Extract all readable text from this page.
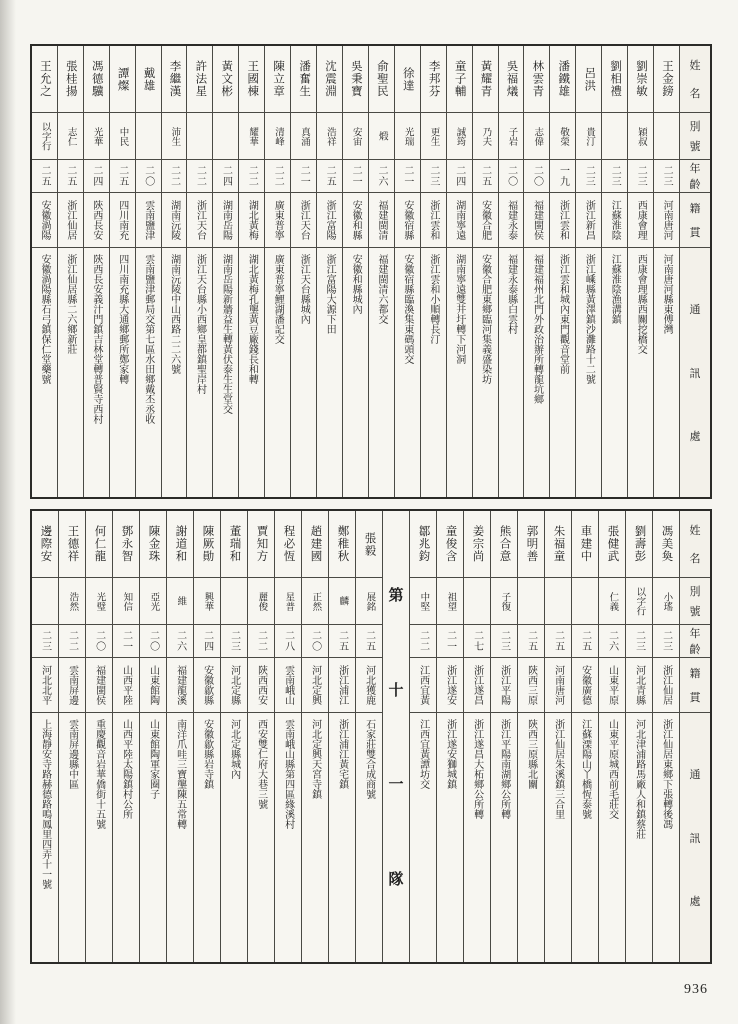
姓
名
別
號
年
齡
籍
貫
通
訊
處
王金鎊
二三
河南唐河
河南唐河縣東傅灣
劉崇敏
穎叔
二三
西康會理
西康會理縣西關挖橋交
劉相禮
二三
江蘇淮陰
江蘇淮陰漁溝鎮
呂洪
貴汀
二三
浙江新昌
浙江嵊縣黃澤鎮沙灘路十二號
潘鐵雄
敬榮
一九
浙江雲和
浙江雲和城內東門觀音堂前
林雲青
志偉
二〇
福建閩侯
福建福州北門外政治辦所轉龍坑鄉
吳福燨
子岩
二〇
福建永泰
福建永泰縣白雲村
黃耀青
乃夫
二五
安徽合肥
安徽合肥東鄉臨河集義盛染坊
童子輔
誠筠
二四
湖南寧遠
湖南寧遠雙井圩轉下河洞
李邦芬
更生
二三
浙江雲和
浙江雲和小順轉長汀
徐達
光瑞
二一
安徽宿縣
安徽宿縣臨渙集東碼頭交
俞聖民
煅
二六
福建閩清
福建閩清六都交
吳秉寶
安宙
二一
安徽和縣
安徽和縣城內
沈震淵
浩祥
二五
浙江富陽
浙江富陽大源下田
潘奮生
真涌
二一
浙江天台
浙江天台縣城內
陳立章
清峰
二二
廣東普寧
廣東普寧鯉湖潘記交
王國棟
耀華
二二
湖北黃梅
湖北黃梅孔壟黃豆廠錢長和轉
黃文彬
二四
湖南岳陽
湖南岳陽新牆益生轉黃伏泰生生堂交
許法星
二二
浙江天台
浙江天台縣小西鄉皇都鎮聖岸村
李繼漢
沛生
二二
湖南沅陵
湖南沅陵中山西路二二六號
戴雄
二〇
雲南鹽津
雲南鹽津郵局交第七區水田鄉戴丕丞收
譚燦
中民
二五
四川南充
四川南充縣大通鄉郵所鄭家轉
馮德驥
光華
二四
陝西長安
陝西長安義汁門鎮吉林堂轉普賢寺西村
張桂揚
志仁
二五
浙江仙居
浙江仙居縣二六鄉新莊
王允之
以字行
二五
安徽渦陽
安徽渦陽縣石弓鎮保仁堂藥號
姓
名
別
號
年
齡
籍
貫
通
訊
處
馮美奐
小瑤
二三
浙江仙居
浙江仙居東鄉下張轉後馮
劉壽彭
以字行
二三
河北青縣
河北津浦路馬廠人和鎮蔡莊
張健武
仁義
二六
山東平原
山東平原城西前毛莊交
車建中
二五
安徽廣德
江蘇溧陽山丫橋恆泰號
朱福童
二五
河南唐河
浙江仙居朱溪鎮三合里
郭明善
二五
陝西三原
陝西三原縣北關
熊合意
子復
二三
浙江平陽
浙江平陽南湖鄉公所轉
姜宗尚
二七
浙江遂昌
浙江遂昌大柘鄉公所轉
童俊含
祖望
二一
浙江遂安
浙江遂安獅城鎮
鄒兆鈞
中堅
二二
江西宜黃
江西宜黃譚坊交
第
十
一
隊
張毅
展銘
二五
河北獲鹿
石家莊雙合成商號
鄭稚秋
麟
二五
浙江浦江
浙江浦江黃宅鎮
趙建國
正然
二〇
河北定興
河北定興天宮寺鎮
程必恆
星普
二八
雲南峨山
雲南峨山縣第四區緣溪村
賈知方
麗俊
二二
陝西西安
西安雙仁府大巷三號
董瑞和
二三
河北定縣
河北定縣城內
陳厥勛
興華
二四
安徽歙縣
安徽歙縣岩寺鎮
謝道和
維
二六
福建龍溪
南洋爪哇三寶壟陳五常轉
陳金珠
亞光
二〇
山東館陶
山東館陶軍家圈子
鄧永智
知信
二一
山西平陸
山西平陸太陽鎮村公所
何仁龍
光璧
二〇
福建閩侯
重慶觀音岩華僑街十五號
王德祥
浩然
二二
雲南屏邊
雲南屏邊縣中區
邊際安
二三
河北北平
上海靜安寺路赫德路鳴鳳里四弄十一號
936
